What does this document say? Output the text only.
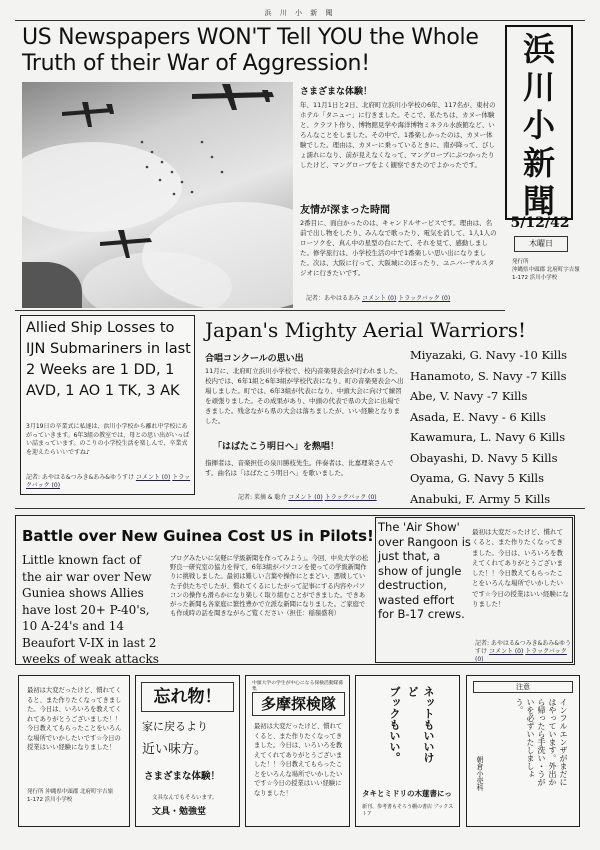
浜 川 小 新 聞
US Newspapers WON'T Tell YOU the Whole Truth of their War of Aggression!
さまざまな体験！
年、11月1日と2日、北府町立浜川小学校の6年、117名が、東村のホテル「タニュー」に行きました。そこで、私たちは、カヌー体験と、クラフト作り、博物館見学や海洋博物ミネラル水族館など、いろんなことをしました。その中で、1番楽しかったのは、カヌー体験でした。理由は、カヌーに乗っているときに、南が降って、びしょ濡れになり、前が見えなくなって、マングローブにぶつかったりしたけど、マングローブをよく観察できたのでよかったです。
友情が深まった時間
2番目に、面白かったのは、キャンドルサービスです。理由は、名前で出し物をしたり、みんなで歌ったり、電気を消して、1人1人のローソクを、真ん中の星型の台にたて、それを見て、感動しました。修学旅行は、小学校生活の中で1番楽しい思い出になりました。次は、大阪に行って、大阪城にのぼったり、ユニバーサルスタジオに行きたいです。
記者：あやはるあみ コメント (0) トラックバック (0)
浜
川
小
新
聞
5/12/42
木曜日
発行所
沖縄県中頭郡 北府町字吉嶺1-172 浜川小学校
Allied Ship Losses to IJN Submariners in last 2 Weeks are 1 DD, 1 AVD, 1 AO 1 TK, 3 AK
3月19日の卒業式に私達は、浜川小学校から離れ中学校にあがっていきます。6年3組の教室では、母との思い出がいっぱい詰まっています。のこりの小学校生活を楽しんで、卒業式を迎えたらいいですね♪
記者: あやはる&つみき&あみ&ゆうすけ コメント (0) トラックバック (0)
Japan's Mighty Aerial Warriors!
合唱コンクールの思い出
11月に、北府町立浜川小学校で、校内音楽発表会が行われました。校内では、6年1組と6年3組が学校代表になり、町の音楽発表会へ出場しました。町では、6年3組が代表になり、中頭大会に向けて練習を頑張りました。その成果があり、中頭の代表で県の大会に出場できました。残念ながら県の大会は落ちましたが、いい経験となりました。
「はばたこう明日へ」を熱唱！
指揮者は、音楽担任の泉川勝枝先生。伴奏者は、比嘉理菜さんです。曲名は「はばたこう明日へ」を歌いました。
記者: 菜摘 & 聡介 コメント (0) トラックバック (0)
Miyazaki, G. Navy -10 Kills
Hanamoto, S. Navy -7 Kills
Abe, V. Navy -7 Kills
Asada, E. Navy - 6 Kills
Kawamura, L. Navy 6 Kills
Obayashi, D. Navy 5 Kills
Oyama, G. Navy 5 Kills
Anabuki, F. Army 5 Kills
Battle over New Guinea Cost US in Pilots!
Little known fact of the air war over New Guniea shows Allies have lost 20+ P-40's, 10 A-24's and 14 Beaufort V-IX in last 2 weeks of weak attacks
ブログみたいに気軽に学級新聞を作ってみよう」。今回、中央大学の松野良一研究室の協力を得て、6年3組がパソコンを使っての学級新聞作りに挑戦しました。最初は難しい言葉や操作にとまどい、悪戦していた子供たちでしたが、慣れてくるにしたがって記事にする内容やパソコンの操作も滑らかになり楽しく取り組むことができました。できあがった新聞も各家庭に繁性豊かで立派な新聞になりました。ご家庭でも作成時の話を聞きながらご覧ください（担任：稲嶺盛利）
The 'Air Show' over Rangoon is just that, a show of jungle destruction, wasted effort for B-17 crews.
最初は大変だったけど、慣れてくると、また作りたくなってきました。今日は、いろいろを教えてくれてありがとうございました！！今日教えてもらったことをいろんな場所でいかしたいです☆今日の授業はいい経験になりました！
記者: あやはる&つみき&あみ&ゆうすけ コメント (0) トラックバック (0)
最初は大変だったけど、慣れてくると、また作りたくなってきました。今日は、いろいろを教えてくれてありがとうございました！！今日教えてもらったことをいろんな場所でいかしたいです☆今日の授業はいい経験になりました！
発行所 沖縄県中頭郡 北府町字吉嶺1-172 浜川小学校
忘れ物！
家に戻るより
近い味方。
さまざまな体験！
文具なんでもそろいます。
文具・勉強堂
中頭大学の学生が中心になる探検活動隊募集
多摩探検隊
最初は大変だったけど、慣れてくると、また作りたくなってきました。今日は、いろいろを教えてくれてありがとうございました！！今日教えてもらったことをいろんな場所でいかしたいです☆今日の授業はいい経験になりました！
ネットもいいけど
ブックもいい。
タキとミドリの木蓮書にっ
新刊、参考書もそろう棚の書店 ブックストア
注意
インフルエンザがまだにはやっています。外出から帰ったら手洗い・うがいを必ずいたしましょう。
朝倉小売科
